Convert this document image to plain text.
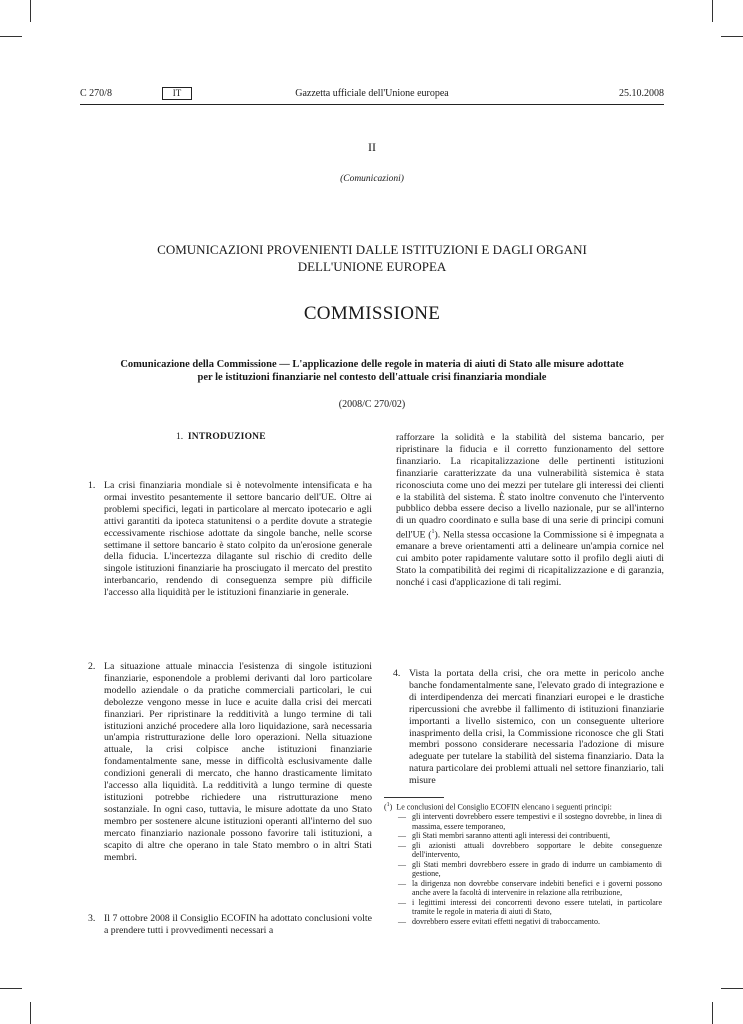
C 270/8	Gazzetta ufficiale dell'Unione europea
IT	25.10.2008
II
(Comunicazioni)
COMUNICAZIONI PROVENIENTI DALLE ISTITUZIONI E DAGLI ORGANI DELL'UNIONE EUROPEA
COMMISSIONE
Comunicazione della Commissione — L'applicazione delle regole in materia di aiuti di Stato alle misure adottate per le istituzioni finanziarie nel contesto dell'attuale crisi finanziaria mondiale
(2008/C 270/02)
1. INTRODUZIONE
1. La crisi finanziaria mondiale si è notevolmente intensificata e ha ormai investito pesantemente il settore bancario dell'UE. Oltre ai problemi specifici, legati in particolare al mercato ipotecario e agli attivi garantiti da ipoteca statunitensi o a perdite dovute a strategie eccessivamente rischiose adottate da singole banche, nelle scorse settimane il settore bancario è stato colpito da un'erosione generale della fiducia. L'incertezza dilagante sul rischio di credito delle singole istituzioni finanziarie ha prosciugato il mercato del prestito interbancario, rendendo di conseguenza sempre più difficile l'accesso alla liquidità per le istituzioni finanziarie in generale.

2. La situazione attuale minaccia l'esistenza di singole istituzioni finanziarie, esponendole a problemi derivanti dal loro particolare modello aziendale o da pratiche commerciali particolari, le cui debolezze vengono messe in luce e acuite dalla crisi dei mercati finanziari. Per ripristinare la redditività a lungo termine di tali istituzioni anziché procedere alla loro liquidazione, sarà necessaria un'ampia ristrutturazione delle loro operazioni. Nella situazione attuale, la crisi colpisce anche istituzioni finanziarie fondamentalmente sane, messe in difficoltà esclusivamente dalle condizioni generali di mercato, che hanno drasticamente limitato l'accesso alla liquidità. La redditività a lungo termine di queste istituzioni potrebbe richiedere una ristrutturazione meno sostanziale. In ogni caso, tuttavia, le misure adottate da uno Stato membro per sostenere alcune istituzioni operanti all'interno del suo mercato finanziario nazionale possono favorire tali istituzioni, a scapito di altre che operano in tale Stato membro o in altri Stati membri.

3. Il 7 ottobre 2008 il Consiglio ECOFIN ha adottato conclusioni volte a prendere tutti i provvedimenti necessari a

rafforzare la solidità e la stabilità del sistema bancario, per ripristinare la fiducia e il corretto funzionamento del settore finanziario. La ricapitalizzazione delle pertinenti istituzioni finanziarie caratterizzate da una vulnerabilità sistemica è stata riconosciuta come uno dei mezzi per tutelare gli interessi dei clienti e la stabilità del sistema. È stato inoltre convenuto che l'intervento pubblico debba essere deciso a livello nazionale, pur se all'interno di un quadro coordinato e sulla base di una serie di principi comuni dell'UE ($^1$). Nella stessa occasione la Commissione si è impegnata a emanare a breve orientamenti atti a delineare un'ampia cornice nel cui ambito poter rapidamente valutare sotto il profilo degli aiuti di Stato la compatibilità dei regimi di ricapitalizzazione e di garanzia, nonché i casi d'applicazione di tali regimi.

4. Vista la portata della crisi, che ora mette in pericolo anche banche fondamentalmente sane, l'elevato grado di integrazione e di interdipendenza dei mercati finanziari europei e le drastiche ripercussioni che avrebbe il fallimento di istituzioni finanziarie importanti a livello sistemico, con un conseguente ulteriore inasprimento della crisi, la Commissione riconosce che gli Stati membri possono considerare necessaria l'adozione di misure adeguate per tutelare la stabilità del sistema finanziario. Data la natura particolare dei problemi attuali nel settore finanziario, tali misure

($^1$)  Le conclusioni del Consiglio ECOFIN elencano i seguenti principi:
— gli interventi dovrebbero essere tempestivi e il sostegno dovrebbe, in linea di massima, essere temporaneo,
— gli Stati membri saranno attenti agli interessi dei contribuenti,
— gli azionisti attuali dovrebbero sopportare le debite conseguenze dell'intervento,
— gli Stati membri dovrebbero essere in grado di indurre un cambiamento di gestione,
— la dirigenza non dovrebbe conservare indebiti benefici e i governi possono anche avere la facoltà di intervenire in relazione alla retribuzione,
— i legittimi interessi dei concorrenti devono essere tutelati, in particolare tramite le regole in materia di aiuti di Stato,
— dovrebbero essere evitati effetti negativi di traboccamento.
